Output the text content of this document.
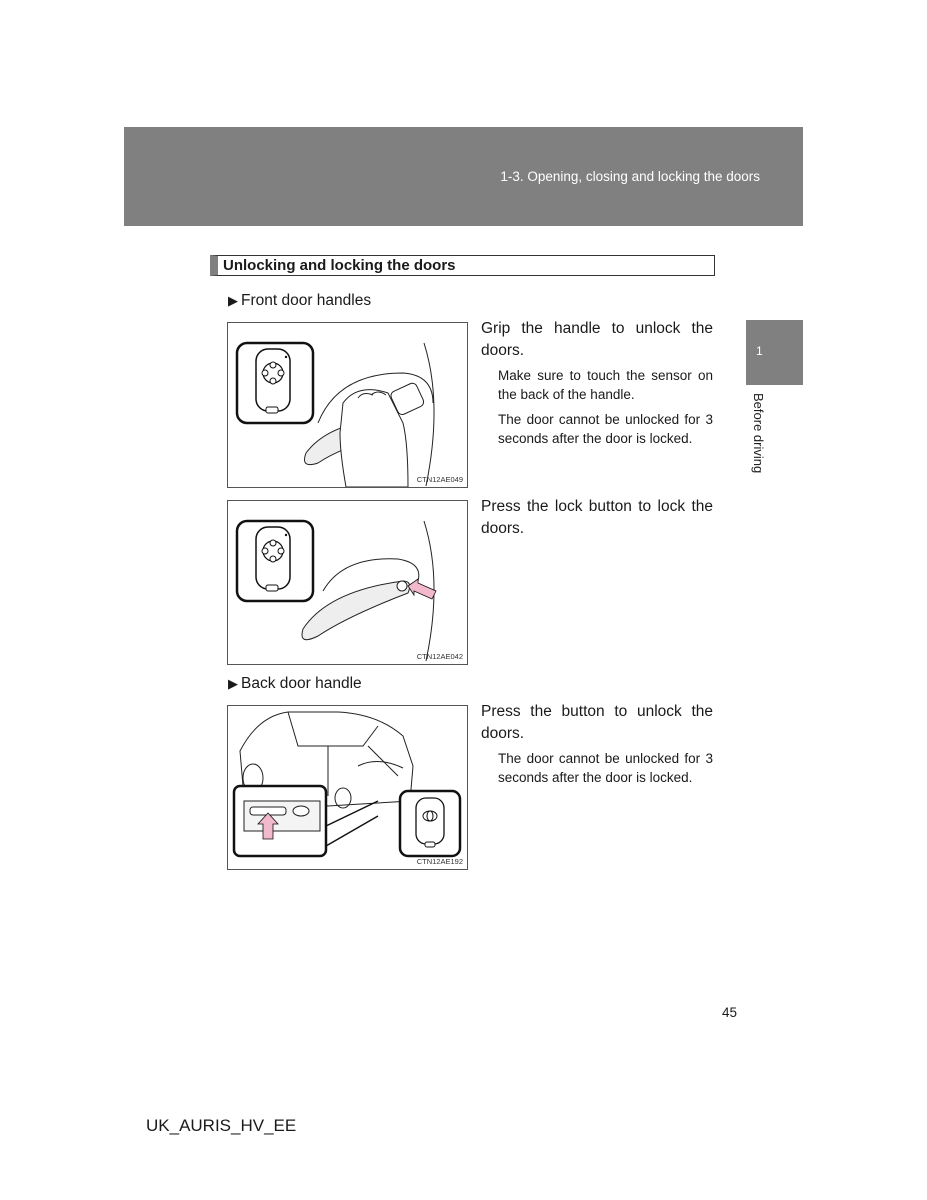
1-3. Opening, closing and locking the doors
1
Before driving
Unlocking and locking the doors
▶ Front door handles
CTN12AE049

Grip the handle to unlock the doors.

Make sure to touch the sensor on the back of the handle.

The door cannot be unlocked for 3 seconds after the door is locked.

CTN12AE042

Press the lock button to lock the doors.

▶ Back door handle
CTN12AE192

Press the button to unlock the doors.

The door cannot be unlocked for 3 seconds after the door is locked.

45
UK_AURIS_HV_EE
